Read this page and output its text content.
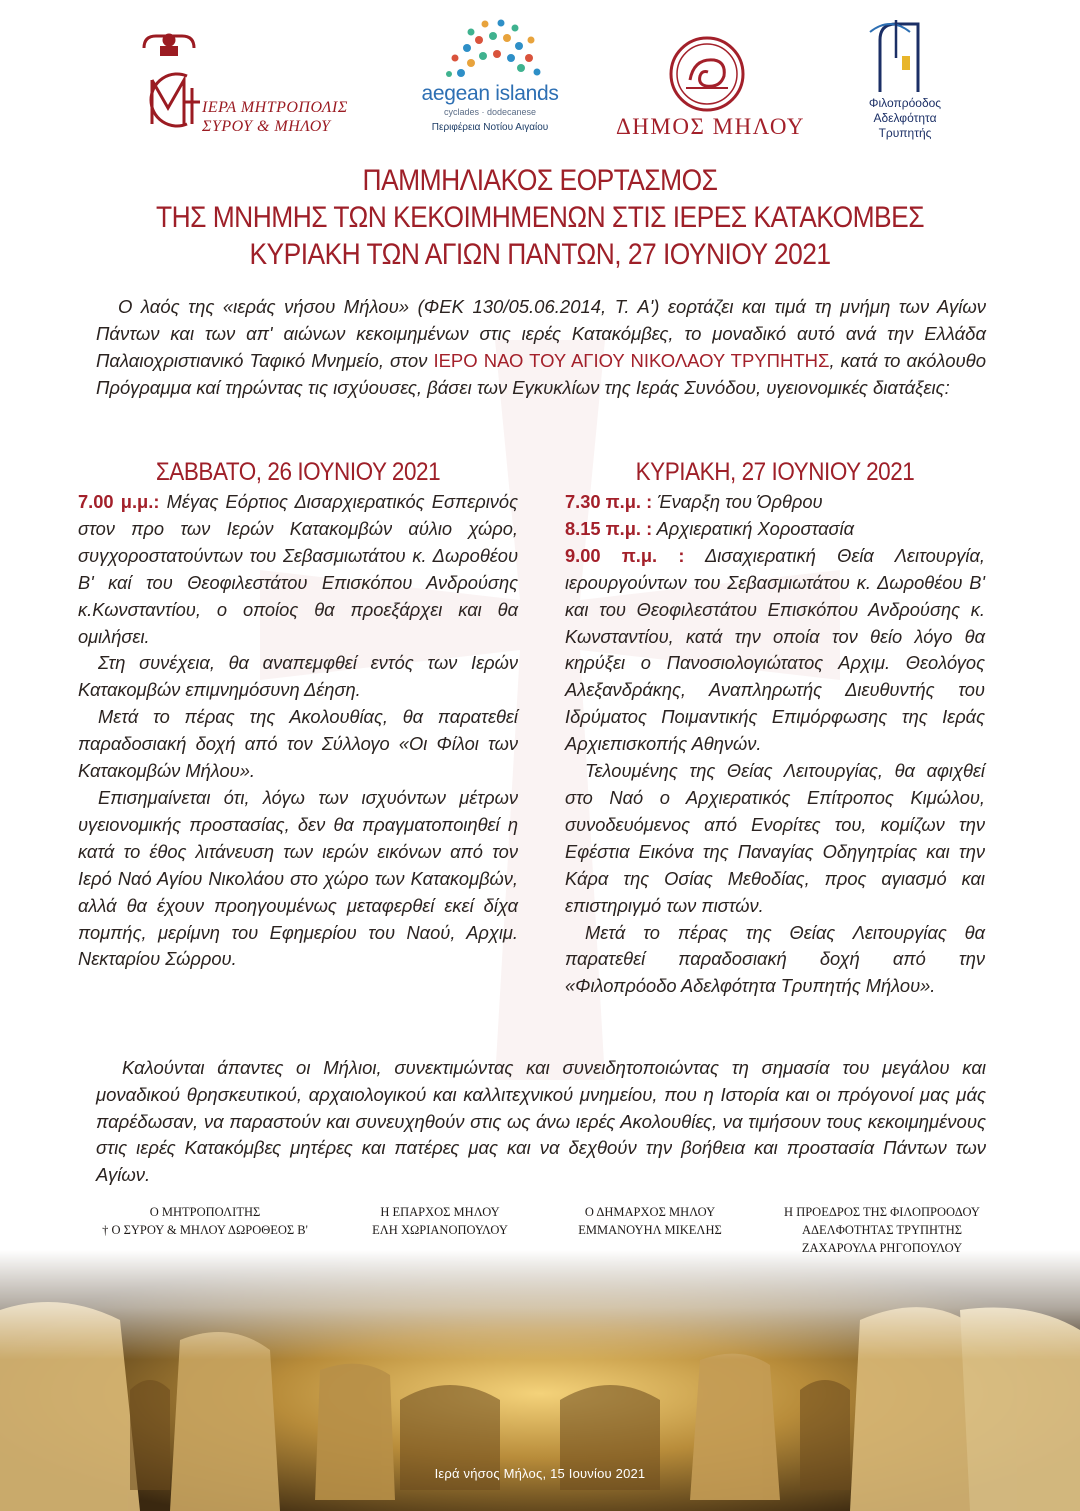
ΙΕΡΑ ΜΗΤΡΟΠΟΛΙΣ
ΣΥΡΟΥ & ΜΗΛΟΥ
aegean islands
cyclades · dodecanese
Περιφέρεια Νοτίου Αιγαίου	ΔΗΜΟΣ ΜΗΛΟΥ
Φιλοπρόοδος
Αδελφότητα
Τρυπητής
ΠΑΜΜΗΛΙΑΚΟΣ ΕΟΡΤΑΣΜΟΣ
ΤΗΣ ΜΝΗΜΗΣ ΤΩΝ ΚΕΚΟΙΜΗΜΕΝΩΝ ΣΤΙΣ ΙΕΡΕΣ ΚΑΤΑΚΟΜΒΕΣ
ΚΥΡΙΑΚΗ ΤΩΝ ΑΓΙΩΝ ΠΑΝΤΩΝ, 27 ΙΟΥΝΙΟΥ 2021
Ο λαός της «ιεράς νήσου Μήλου» (ΦΕΚ 130/05.06.2014, Τ. Α') εορτάζει και τιμά τη μνήμη των Αγίων Πάντων και των απ' αιώνων κεκοιμημένων στις ιερές Κατακόμβες, το μοναδικό αυτό ανά την Ελλάδα Παλαιοχριστιανικό Ταφικό Μνημείο, στον ΙΕΡΟ ΝΑΟ ΤΟΥ ΑΓΙΟΥ ΝΙΚΟΛΑΟΥ ΤΡΥΠΗΤΗΣ, κατά το ακόλουθο Πρόγραμμα καί τηρώντας τις ισχύουσες, βάσει των Εγκυκλίων της Ιεράς Συνόδου, υγειονομικές διατάξεις:
ΣΑΒΒΑΤΟ, 26 ΙΟΥΝΙΟΥ 2021

7.00 μ.μ.: Μέγας Εόρτιος Δισαρχιερατικός Εσπερινός στον προ των Ιερών Κατακομβών αύλιο χώρο, συγχοροστατούντων του Σεβασμιωτάτου κ. Δωροθέου Β' καί του Θεοφιλεστάτου Επισκόπου Ανδρούσης κ.Κωνσταντίου, ο οποίος θα προεξάρχει και θα ομιλήσει.

Στη συνέχεια, θα αναπεμφθεί εντός των Ιερών Κατακομβών επιμνημόσυνη Δέηση.

Μετά το πέρας της Ακολουθίας, θα παρατεθεί παραδοσιακή δοχή από τον Σύλλογο «Οι Φίλοι των Κατακομβών Μήλου».

Επισημαίνεται ότι, λόγω των ισχυόντων μέτρων υγειονομικής προστασίας, δεν θα πραγματοποιηθεί η κατά το έθος λιτάνευση των ιερών εικόνων από τον Ιερό Ναό Αγίου Νικολάου στο χώρο των Κατακομβών, αλλά θα έχουν προηγουμένως μεταφερθεί εκεί δίχα πομπής, μερίμνη του Εφημερίου του Ναού, Αρχιμ. Νεκταρίου Σώρρου.

ΚΥΡΙΑΚΗ, 27 ΙΟΥΝΙΟΥ 2021

7.30 π.μ. : Έναρξη του Όρθρου

8.15 π.μ. : Αρχιερατική Χοροστασία

9.00 π.μ. : Δισαχιερατική Θεία Λειτουργία, ιερουργούντων του Σεβασμιωτάτου κ. Δωροθέου Β' και του Θεοφιλεστάτου Επισκόπου Ανδρούσης κ. Κωνσταντίου, κατά την οποία τον θείο λόγο θα κηρύξει ο Πανοσιολογιώτατος Αρχιμ. Θεολόγος Αλεξανδράκης, Αναπληρωτής Διευθυντής του Ιδρύματος Ποιμαντικής Επιμόρφωσης της Ιεράς Αρχιεπισκοπής Αθηνών.

Τελουμένης της Θείας Λειτουργίας, θα αφιχθεί στο Ναό ο Αρχιερατικός Επίτροπος Κιμώλου, συνοδευόμενος από Ενορίτες του, κομίζων την Εφέστια Εικόνα της Παναγίας Οδηγητρίας και την Κάρα της Οσίας Μεθοδίας, προς αγιασμό και επιστηριγμό των πιστών.

Μετά το πέρας της Θείας Λειτουργίας θα παρατεθεί παραδοσιακή δοχή από την «Φιλοπρόοδο Αδελφότητα Τρυπητής Μήλου».

Καλούνται άπαντες οι Μήλιοι, συνεκτιμώντας και συνειδητοποιώντας τη σημασία του μεγάλου και μοναδικού θρησκευτικού, αρχαιολογικού και καλλιτεχνικού μνημείου, που η Ιστορία και οι πρόγονοί μας μάς παρέδωσαν, να παραστούν και συνευχηθούν στις ως άνω ιερές Ακολουθίες, να τιμήσουν τους κεκοιμημένους στις ιερές Κατακόμβες μητέρες και πατέρες μας και να δεχθούν την βοήθεια και προστασία Πάντων των Αγίων.
Ο ΜΗΤΡΟΠΟΛΙΤΗΣ
† Ο ΣΥΡΟΥ & ΜΗΛΟΥ ΔΩΡΟΘΕΟΣ Β'
Η ΕΠΑΡΧΟΣ ΜΗΛΟΥ
ΕΛΗ ΧΩΡΙΑΝΟΠΟΥΛΟΥ
Ο ΔΗΜΑΡΧΟΣ ΜΗΛΟΥ
ΕΜΜΑΝΟΥΗΛ ΜΙΚΕΛΗΣ
Η ΠΡΟΕΔΡΟΣ ΤΗΣ ΦΙΛΟΠΡΟΟΔΟΥ
ΑΔΕΛΦΟΤΗΤΑΣ ΤΡΥΠΗΤΗΣ
ΖΑΧΑΡΟΥΛΑ ΡΗΓΟΠΟΥΛΟΥ
Ιερά νήσος Μήλος, 15 Ιουνίου 2021
